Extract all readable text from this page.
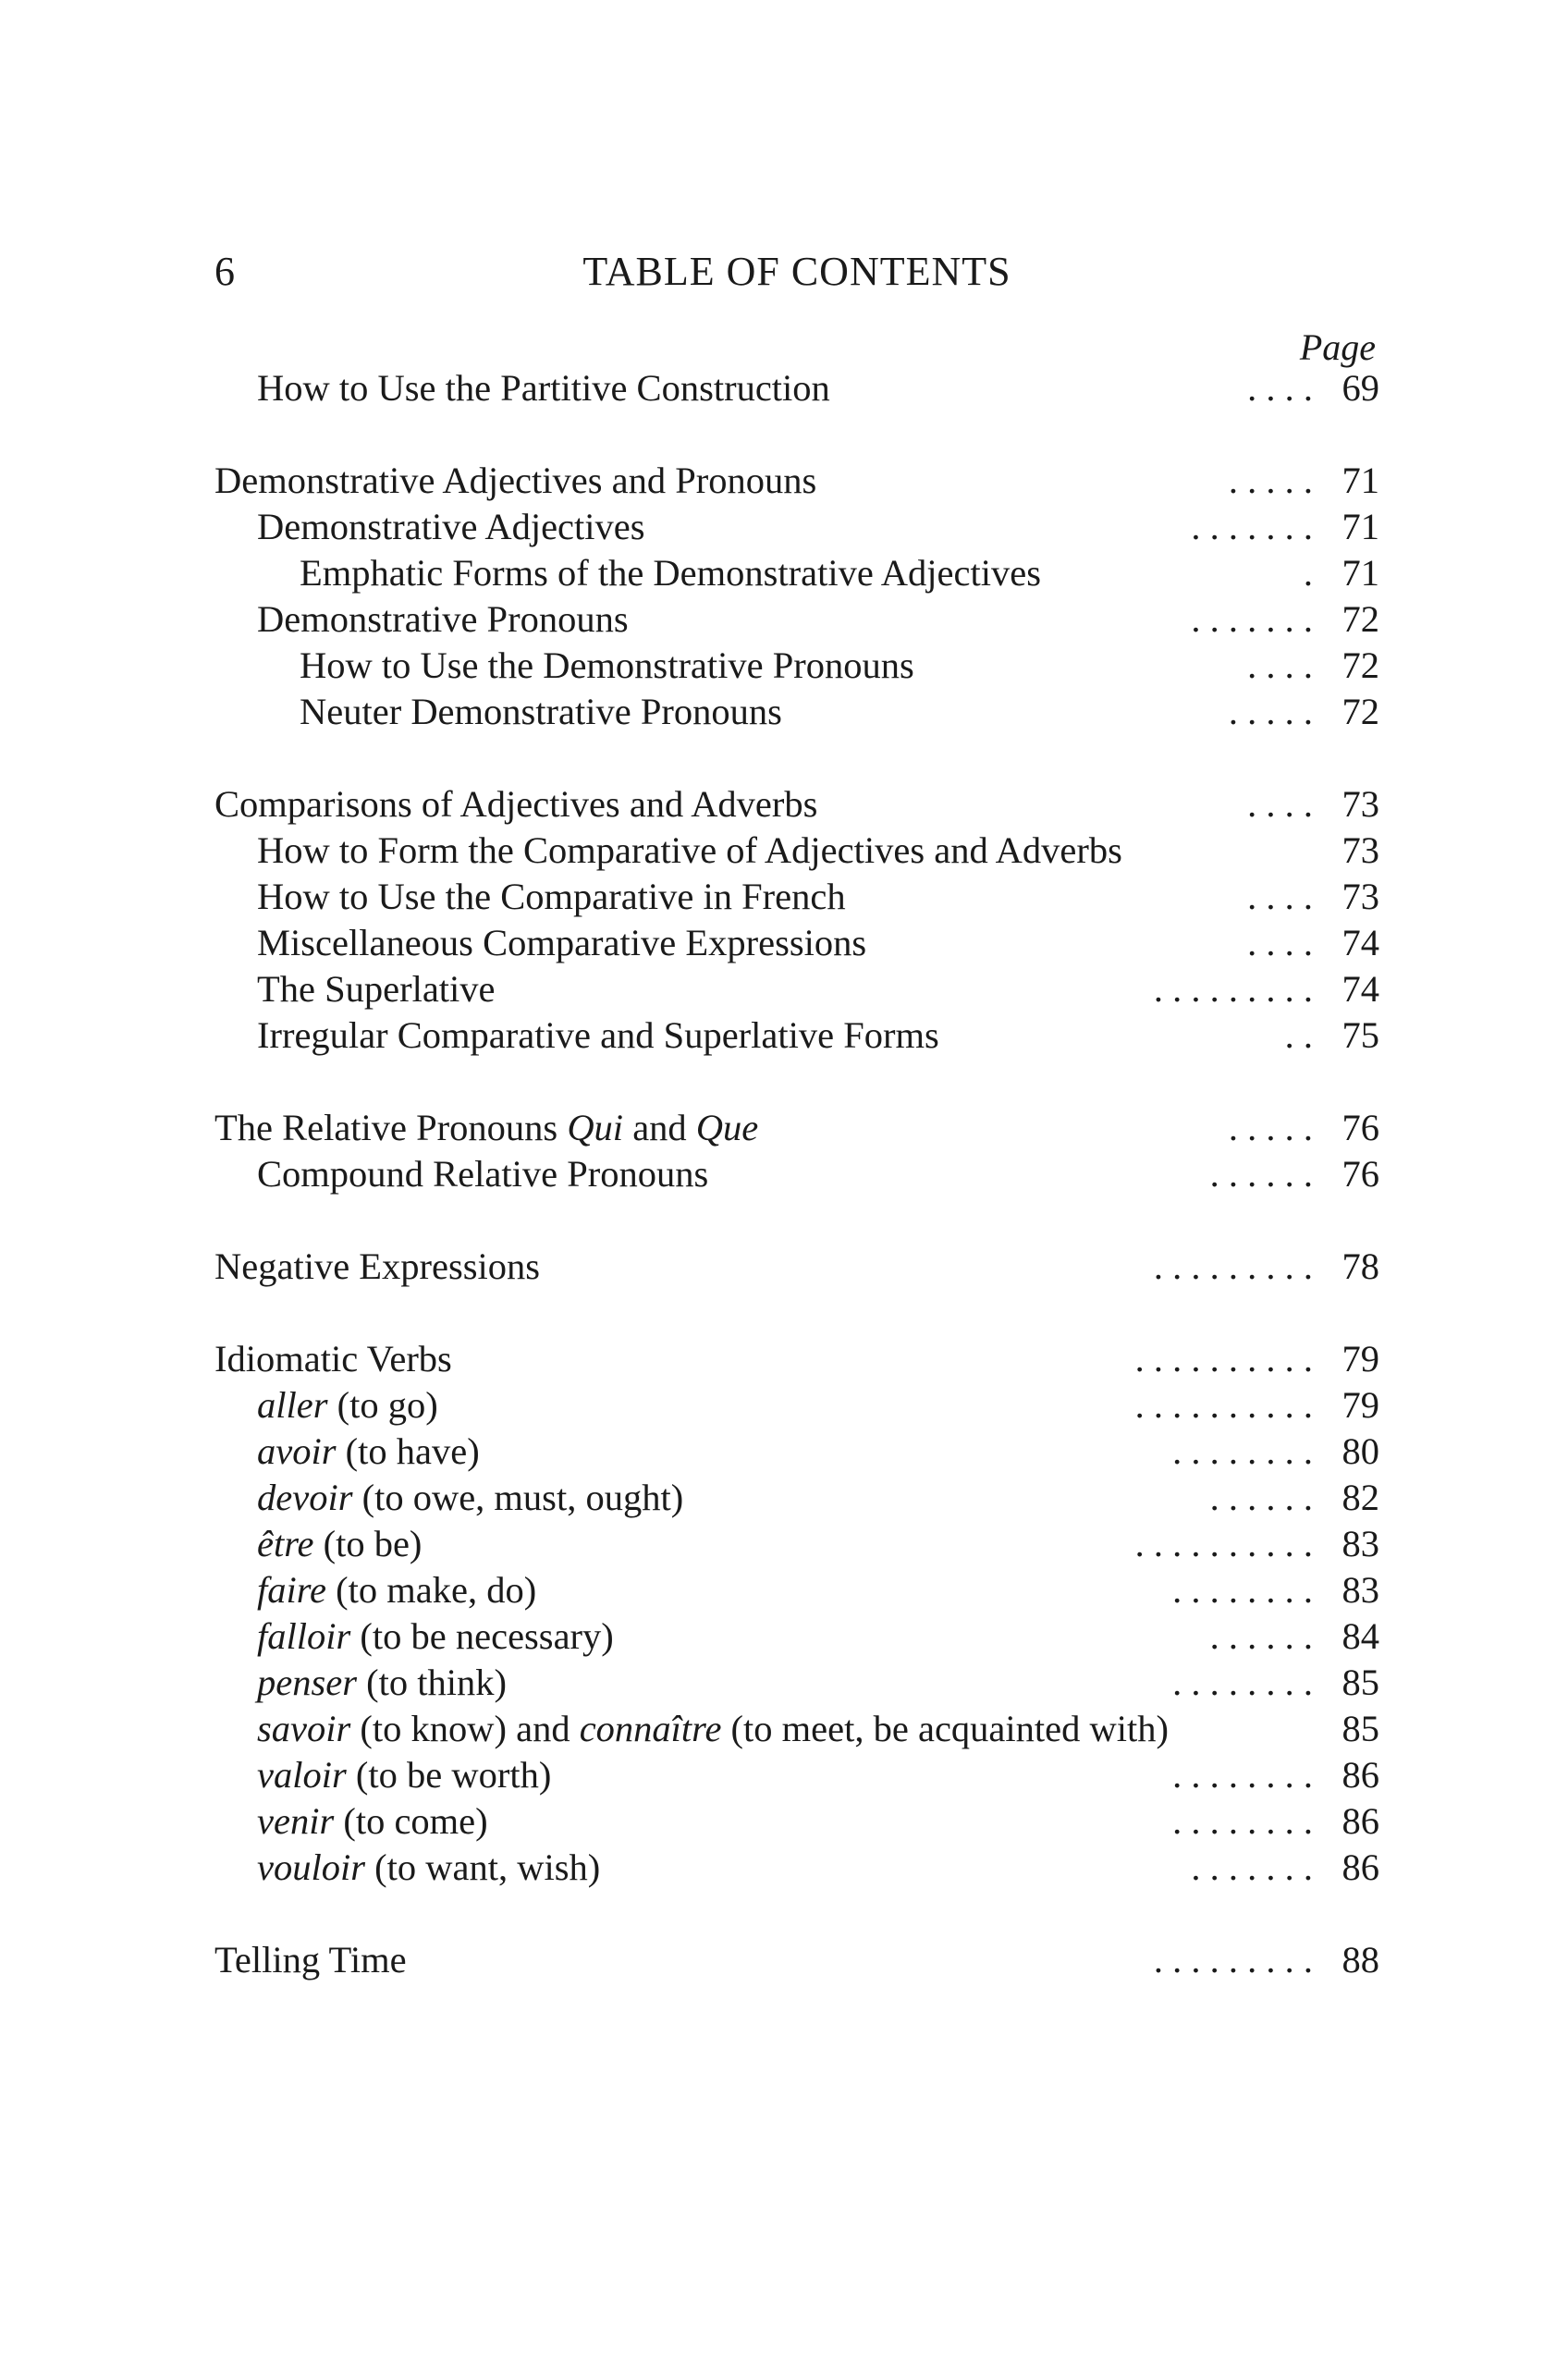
6	TABLE OF CONTENTS
Page
. . . .
How to Use the Partitive Construction	69
. . . . .
Demonstrative Adjectives and Pronouns	71
. . . . . . .
Demonstrative Adjectives	71
.
Emphatic Forms of the Demonstrative Adjectives	71
. . . . . . .
Demonstrative Pronouns	72
. . . .
How to Use the Demonstrative Pronouns	72
. . . . .
Neuter Demonstrative Pronouns	72
. . . .
Comparisons of Adjectives and Adverbs	73
How to Form the Comparative of Adjectives and Adverbs	73
. . . .
How to Use the Comparative in French	73
. . . .
Miscellaneous Comparative Expressions	74
. . . . . . . . .
The Superlative	74
. .
Irregular Comparative and Superlative Forms	75
. . . . .
The Relative Pronouns Qui and Que	76
. . . . . .
Compound Relative Pronouns	76
. . . . . . . . .
Negative Expressions	78
. . . . . . . . . .
Idiomatic Verbs	79
. . . . . . . . . .
aller (to go)	79
. . . . . . . .
avoir (to have)	80
. . . . . .
devoir (to owe, must, ought)	82
. . . . . . . . . .
être (to be)	83
. . . . . . . .
faire (to make, do)	83
. . . . . .
falloir (to be necessary)	84
. . . . . . . .
penser (to think)	85
savoir (to know) and connaître (to meet, be acquainted with)	85
. . . . . . . .
valoir (to be worth)	86
. . . . . . . .
venir (to come)	86
. . . . . . .
vouloir (to want, wish)	86
. . . . . . . . .
Telling Time	88
